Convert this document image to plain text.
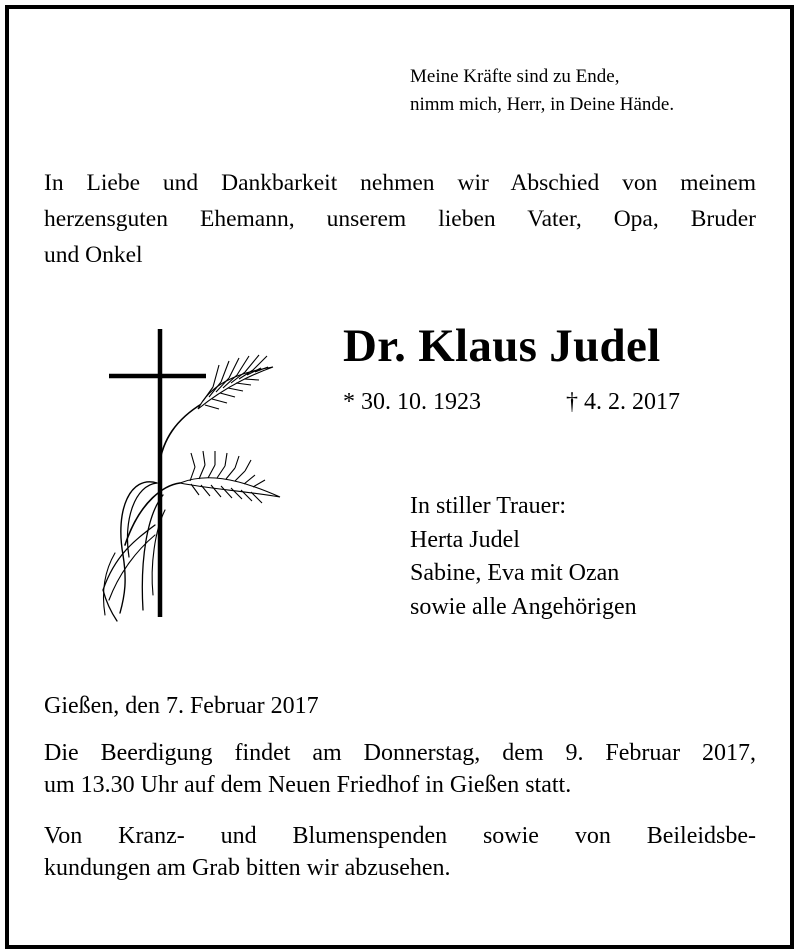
Meine Kräfte sind zu Ende,
nimm mich, Herr, in Deine Hände.
In Liebe und Dankbarkeit nehmen wir Abschied von meinem
herzensguten Ehemann, unserem lieben Vater, Opa, Bruder
und Onkel
Dr. Klaus Judel
* 30. 10. 1923	† 4. 2. 2017
In stiller Trauer:
Herta Judel
Sabine, Eva mit Ozan
sowie alle Angehörigen
Gießen, den 7. Februar 2017
Die Beerdigung findet am Donnerstag, dem 9. Februar 2017,
um 13.30 Uhr auf dem Neuen Friedhof in Gießen statt.
Von Kranz- und Blumenspenden sowie von Beileidsbe-
kundungen am Grab bitten wir abzusehen.
